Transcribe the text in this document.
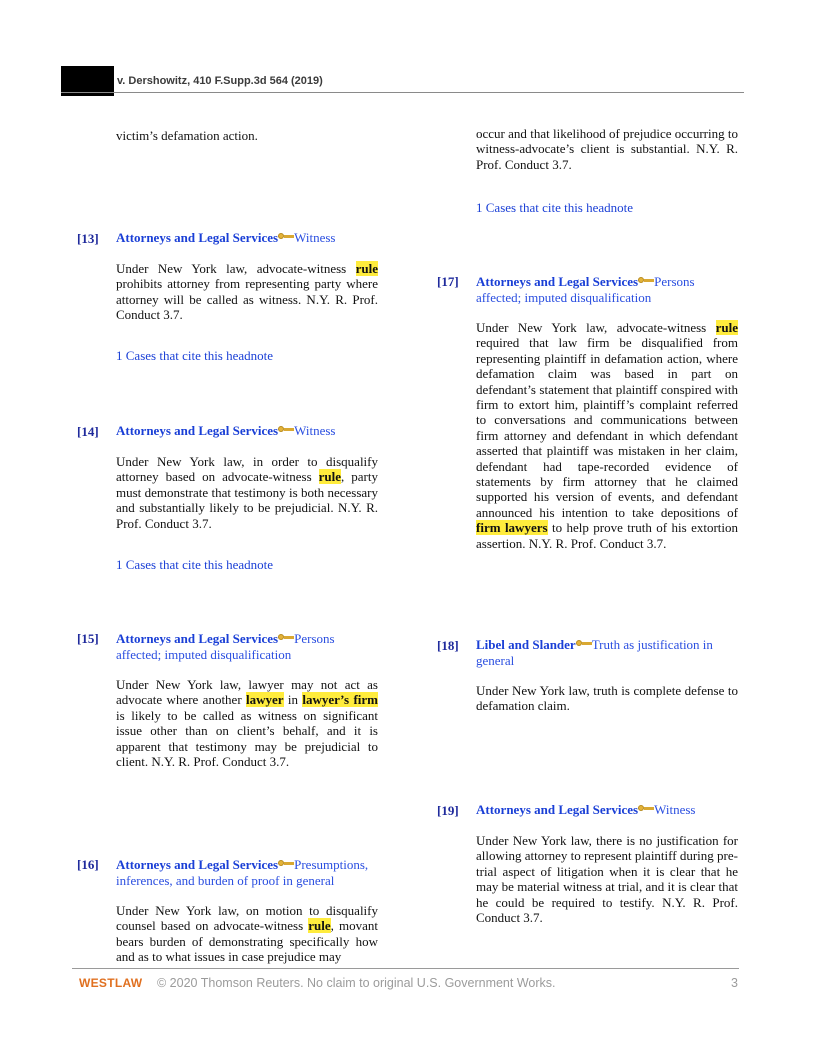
v. Dershowitz, 410 F.Supp.3d 564 (2019)
victim’s defamation action.
[13] Attorneys and Legal Services Witness
Under New York law, advocate-witness rule prohibits attorney from representing party where attorney will be called as witness. N.Y. R. Prof. Conduct 3.7.
1 Cases that cite this headnote
[14] Attorneys and Legal Services Witness
Under New York law, in order to disqualify attorney based on advocate-witness rule, party must demonstrate that testimony is both necessary and substantially likely to be prejudicial. N.Y. R. Prof. Conduct 3.7.
1 Cases that cite this headnote
[15] Attorneys and Legal Services Persons affected; imputed disqualification
Under New York law, lawyer may not act as advocate where another lawyer in lawyer’s firm is likely to be called as witness on significant issue other than on client’s behalf, and it is apparent that testimony may be prejudicial to client. N.Y. R. Prof. Conduct 3.7.
[16] Attorneys and Legal Services Presumptions, inferences, and burden of proof in general
Under New York law, on motion to disqualify counsel based on advocate-witness rule, movant bears burden of demonstrating specifically how and as to what issues in case prejudice may
occur and that likelihood of prejudice occurring to witness-advocate’s client is substantial. N.Y. R. Prof. Conduct 3.7.
1 Cases that cite this headnote
[17] Attorneys and Legal Services Persons affected; imputed disqualification
Under New York law, advocate-witness rule required that law firm be disqualified from representing plaintiff in defamation action, where defamation claim was based in part on defendant’s statement that plaintiff conspired with firm to extort him, plaintiff’s complaint referred to conversations and communications between firm attorney and defendant in which defendant asserted that plaintiff was mistaken in her claim, defendant had tape-recorded evidence of statements by firm attorney that he claimed supported his version of events, and defendant announced his intention to take depositions of firm lawyers to help prove truth of his extortion assertion. N.Y. R. Prof. Conduct 3.7.
[18] Libel and Slander Truth as justification in general
Under New York law, truth is complete defense to defamation claim.
[19] Attorneys and Legal Services Witness
Under New York law, there is no justification for allowing attorney to represent plaintiff during pre-trial aspect of litigation when it is clear that he may be material witness at trial, and it is clear that he could be required to testify. N.Y. R. Prof. Conduct 3.7.
WESTLAW © 2020 Thomson Reuters. No claim to original U.S. Government Works.	3
